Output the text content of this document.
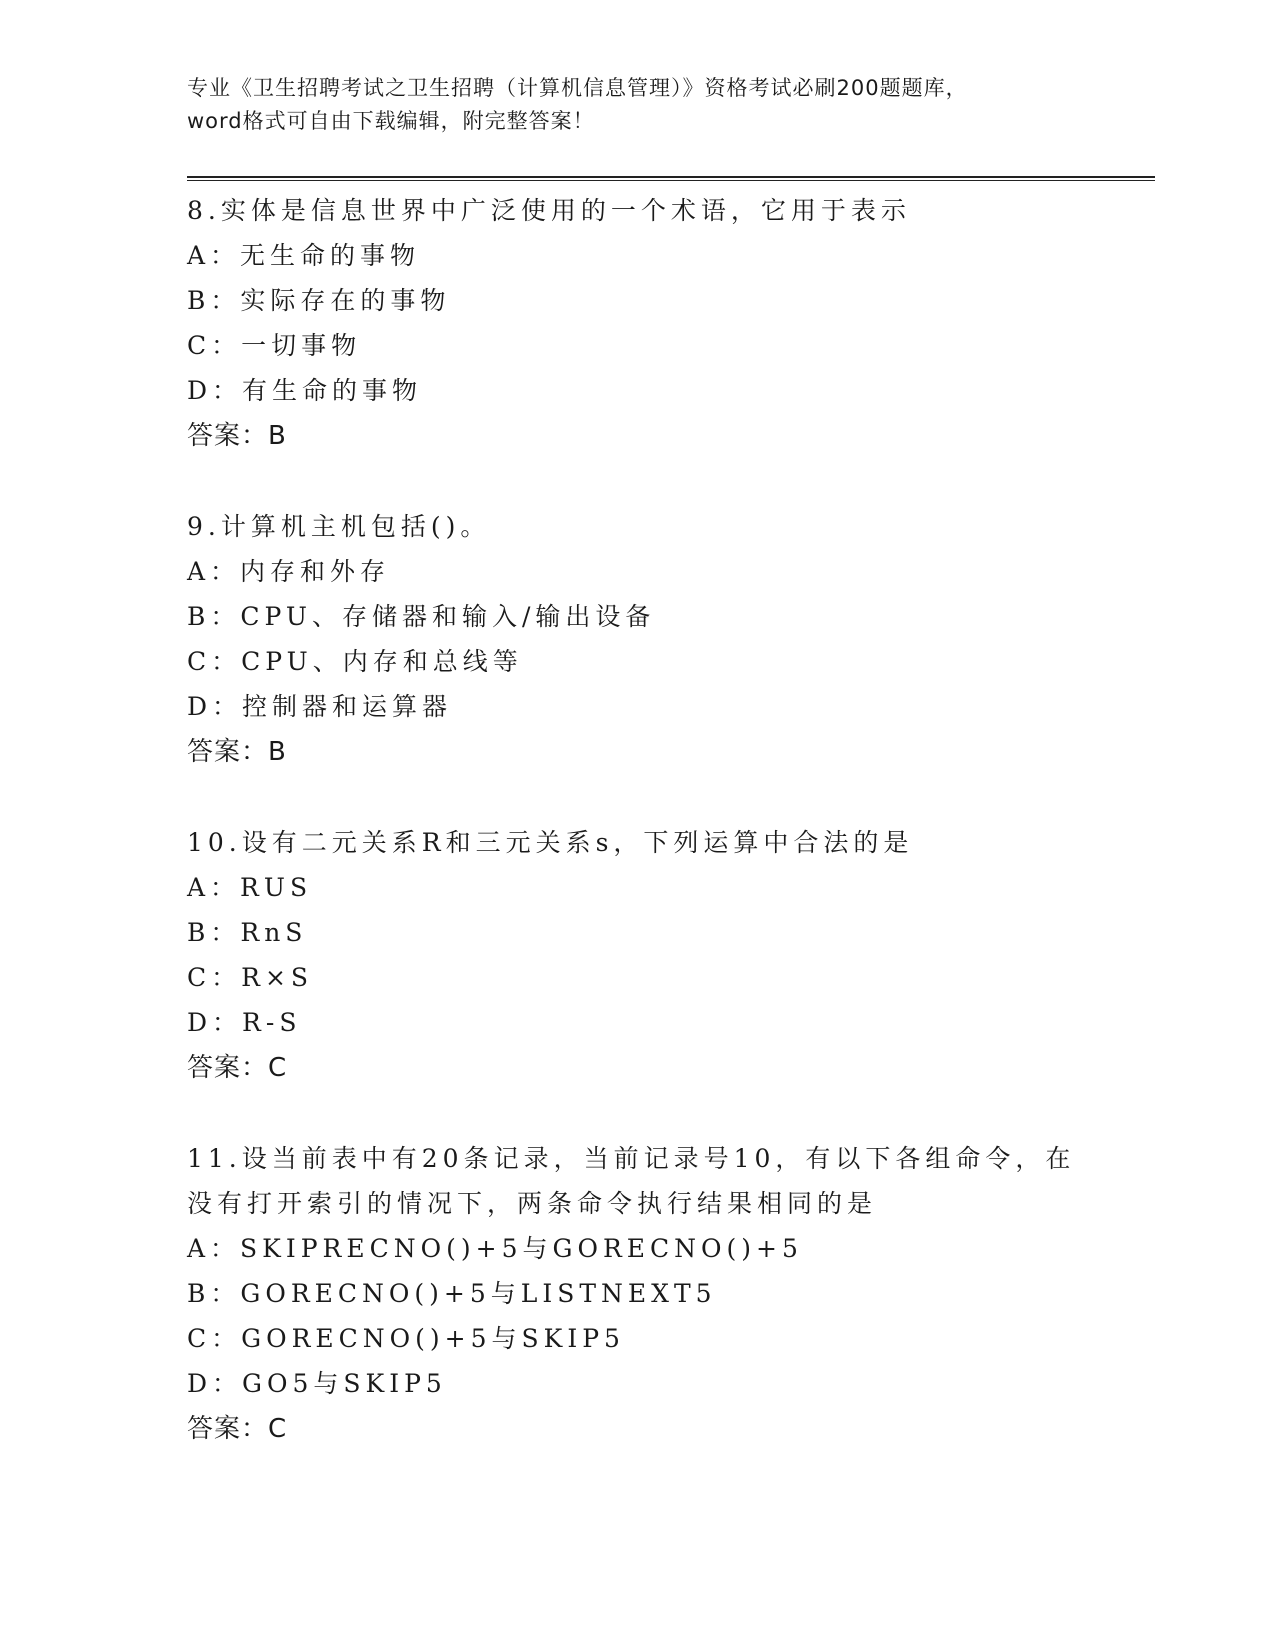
专业《卫生招聘考试之卫生招聘（计算机信息管理）》资格考试必刷200题题库，
word格式可自由下载编辑，附完整答案！
8.实体是信息世界中广泛使用的一个术语，它用于表示
A：无生命的事物
B：实际存在的事物
C：一切事物
D：有生命的事物
答案：B
9.计算机主机包括()。
A：内存和外存
B：CPU、存储器和输入/输出设备
C：CPU、内存和总线等
D：控制器和运算器
答案：B
10.设有二元关系R和三元关系s，下列运算中合法的是
A：RUS
B：RnS
C：R×S
D：R-S
答案：C
11.设当前表中有20条记录，当前记录号10，有以下各组命令，在没有打开索引的情况下，两条命令执行结果相同的是
A：SKIPRECNO()+5与GORECNO()+5
B：GORECNO()+5与LISTNEXT5
C：GORECNO()+5与SKIP5
D：GO5与SKIP5
答案：C
